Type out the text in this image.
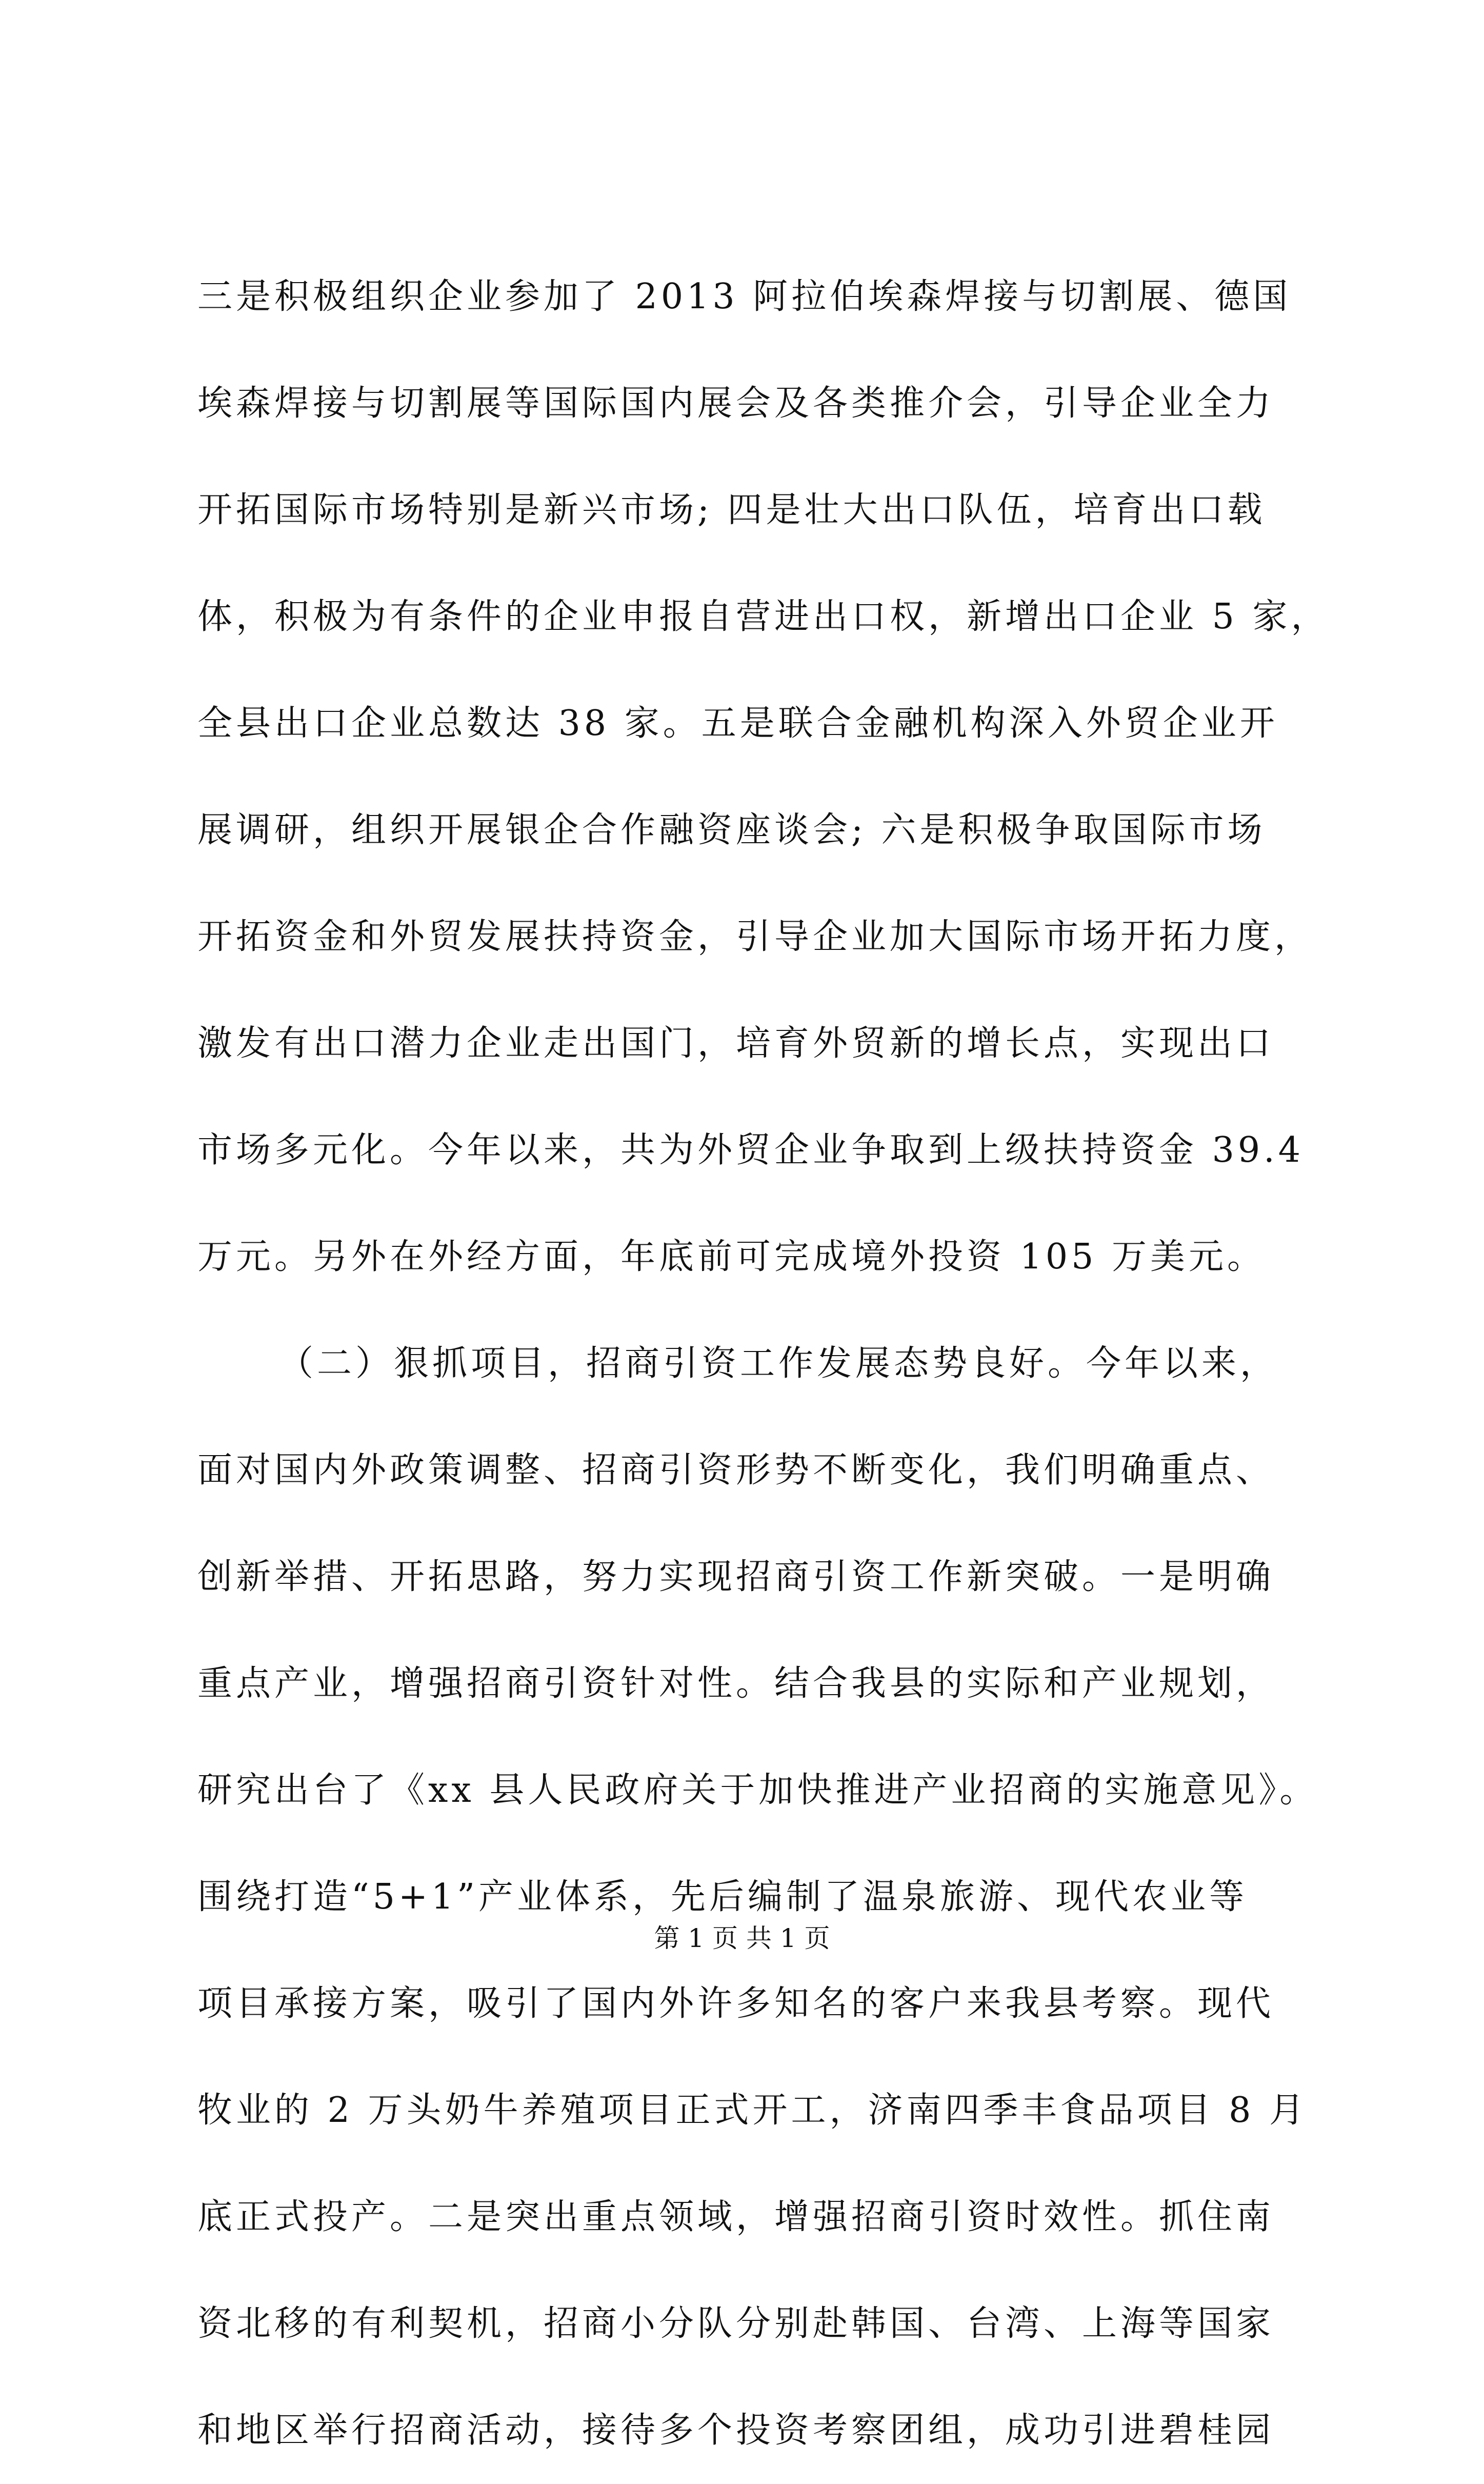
三是积极组织企业参加了 2013 阿拉伯埃森焊接与切割展、德国
埃森焊接与切割展等国际国内展会及各类推介会，引导企业全力
开拓国际市场特别是新兴市场; 四是壮大出口队伍，培育出口载
体，积极为有条件的企业申报自营进出口权，新增出口企业 5 家，
全县出口企业总数达 38 家。五是联合金融机构深入外贸企业开
展调研，组织开展银企合作融资座谈会; 六是积极争取国际市场
开拓资金和外贸发展扶持资金，引导企业加大国际市场开拓力度，
激发有出口潜力企业走出国门，培育外贸新的增长点，实现出口
市场多元化。今年以来，共为外贸企业争取到上级扶持资金 39.4
万元。另外在外经方面，年底前可完成境外投资 105 万美元。
（二）狠抓项目，招商引资工作发展态势良好。今年以来，
面对国内外政策调整、招商引资形势不断变化，我们明确重点、
创新举措、开拓思路，努力实现招商引资工作新突破。一是明确
重点产业，增强招商引资针对性。结合我县的实际和产业规划，
研究出台了《xx 县人民政府关于加快推进产业招商的实施意见》。
围绕打造“5+1”产业体系，先后编制了温泉旅游、现代农业等
项目承接方案，吸引了国内外许多知名的客户来我县考察。现代
牧业的 2 万头奶牛养殖项目正式开工，济南四季丰食品项目 8 月
底正式投产。二是突出重点领域，增强招商引资时效性。抓住南
资北移的有利契机，招商小分队分别赴韩国、台湾、上海等国家
和地区举行招商活动，接待多个投资考察团组，成功引进碧桂园
第 1 页 共 1 页
